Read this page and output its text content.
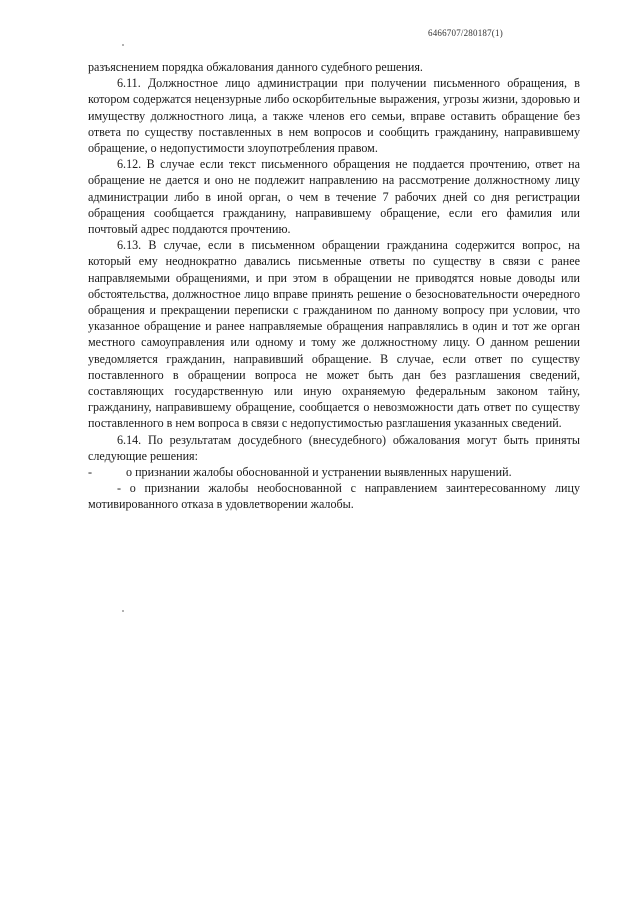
6466707/280187(1)

разъяснением порядка обжалования данного судебного решения.

6.11. Должностное лицо администрации при получении письменного обращения, в котором содержатся нецензурные либо оскорбительные выражения, угрозы жизни, здоровью и имуществу должностного лица, а также членов его семьи, вправе оставить обращение без ответа по существу поставленных в нем вопросов и сообщить гражданину, направившему обращение, о недопустимости злоупотребления правом.

6.12. В случае если текст письменного обращения не поддается прочтению, ответ на обращение не дается и оно не подлежит направлению на рассмотрение должностному лицу администрации либо в иной орган, о чем в течение 7 рабочих дней со дня регистрации обращения сообщается гражданину, направившему обращение, если его фамилия или почтовый адрес поддаются прочтению.

6.13. В случае, если в письменном обращении гражданина содержится вопрос, на который ему неоднократно давались письменные ответы по существу в связи с ранее направляемыми обращениями, и при этом в обращении не приводятся новые доводы или обстоятельства, должностное лицо вправе принять решение о безосновательности очередного обращения и прекращении переписки с гражданином по данному вопросу при условии, что указанное обращение и ранее направляемые обращения направлялись в один и тот же орган местного самоуправления или одному и тому же должностному лицу. О данном решении уведомляется гражданин, направивший обращение. В случае, если ответ по существу поставленного в обращении вопроса не может быть дан без разглашения сведений, составляющих государственную или иную охраняемую федеральным законом тайну, гражданину, направившему обращение, сообщается о невозможности дать ответ по существу поставленного в нем вопроса в связи с недопустимостью разглашения указанных сведений.

6.14. По результатам досудебного (внесудебного) обжалования могут быть приняты следующие решения:

-	о признании жалобы обоснованной и устранении выявленных нарушений.

- о признании жалобы необоснованной с направлением заинтересованному лицу мотивированного отказа в удовлетворении жалобы.
